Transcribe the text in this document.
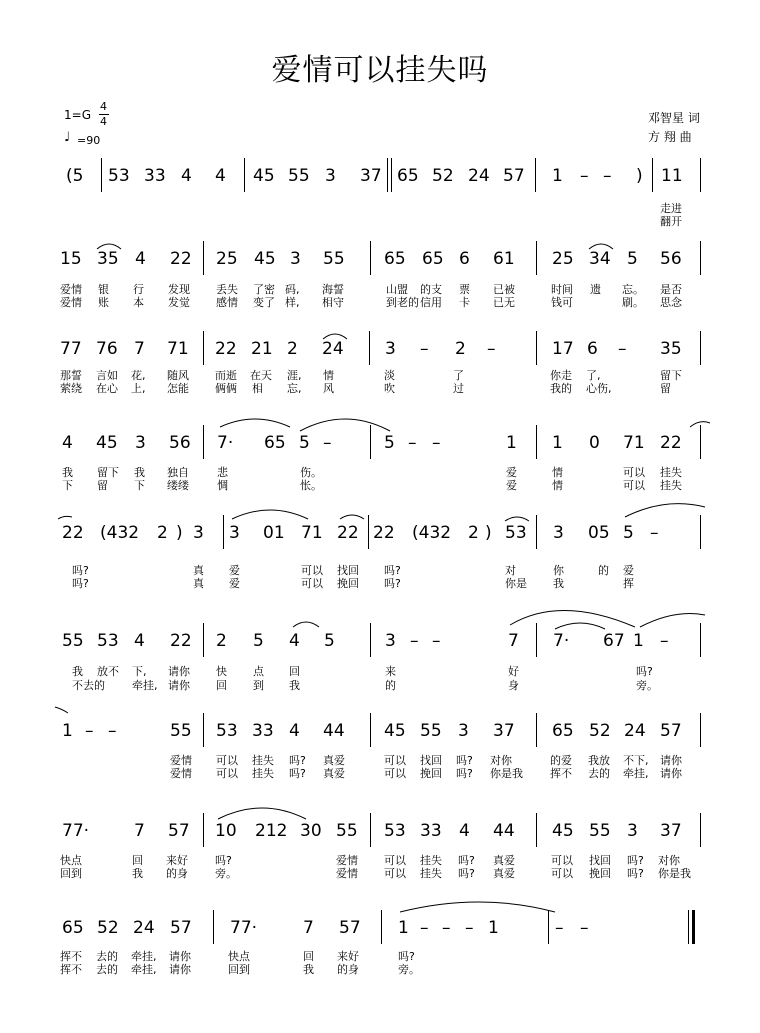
爱情可以挂失吗
1=G
4
4
♩ =90
邓智星 词
方 翔 曲
(5 53 33 4 4 45 55 3 37 65 52 24 57 1 – – ) 11
走进
翻开
15 35 4 22 25 45 3 55 65 65 6 61 25 34 5 56
爱情 银 行 发现 丢失 了密 码, 海誓	山盟 的支 票 已被	时间 遗 忘。 是否
爱情 账 本 发觉 感情 变了 样, 相守	到老的 信用 卡 已无	钱可	刷。 思念
77 76 7 71 22 21 2 24 3 – 2 –	17 6 – 35
那誓 言如 花, 随风 而逝 在天 涯, 情	淡	了	你走 了,	留下
萦绕 在心 上, 怎能 俩俩 相 忘, 风	吹	过	我的 心伤,	留
4 45 3 56 7· 65 5 –	5 – –	1 1 0 71 22
我 留下 我 独自	悲	伤。	爱	情	可以 挂失
下 留 下 缕缕	惆	怅。	爱	情	可以 挂失
22 (432 2 ) 3 3 01 71 22 22 (432 2 ) 53 3 05 5 –
吗?	真 爱	可以 找回 吗?	对	你	的 爱
吗?	真 爱	可以 挽回 吗?	你是 我	挥
55 53 4 22 2 5 4 5	3 – –	7 7· 67 1 –
我 放不 下, 请你 快 点 回	来	好	吗?
不去的 牵挂, 请你 回 到 我	的	身	旁。
1 – –	55 53 33 4 44 45 55 3 37 65 52 24 57
爱情 可以 挂失 吗? 真爱	可以 找回 吗? 对你	的爱 我放 不下, 请你
爱情 可以 挂失 吗? 真爱	可以 挽回 吗? 你是我 挥不 去的 牵挂, 请你
77·	7 57 10 212 30 55 53 33 4 44 45 55 3 37
快点	回 来好 吗?	爱情 可以 挂失 吗? 真爱	可以 找回 吗? 对你
回到	我 的身 旁。	爱情 可以 挂失 吗? 真爱	可以 挽回 吗? 你是我
65 52 24 57 77·	7 57 1 – – – 1	– –
挥不 去的 牵挂, 请你	快点	回 来好	吗?
挥不 去的 牵挂, 请你	回到	我 的身	旁。
